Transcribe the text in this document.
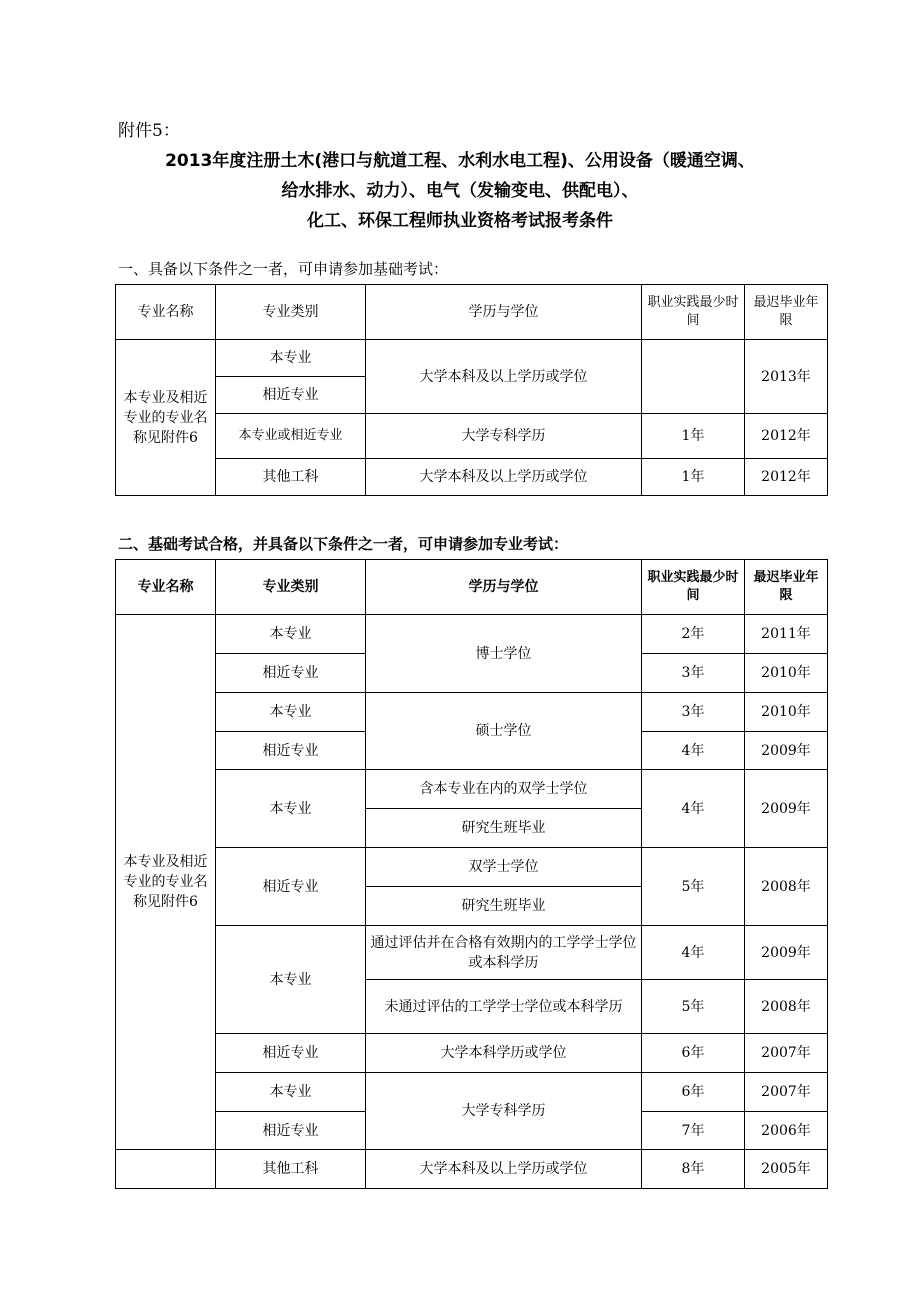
附件5：
2013年度注册土木(港口与航道工程、水利水电工程)、公用设备（暖通空调、
给水排水、动力）、电气（发输变电、供配电）、
化工、环保工程师执业资格考试报考条件
一、具备以下条件之一者，可申请参加基础考试：
专业名称	专业类别	学历与学位	职业实践最少时间	最迟毕业年限
本专业及相近专业的专业名称见附件6	本专业	大学本科及以上学历或学位		2013年
	相近专业			
	本专业或相近专业	大学专科学历	1年	2012年
	其他工科	大学本科及以上学历或学位	1年	2012年
二、基础考试合格，并具备以下条件之一者，可申请参加专业考试：
专业名称	专业类别	学历与学位	职业实践最少时间	最迟毕业年限
本专业及相近专业的专业名称见附件6	本专业	博士学位	2年	2011年
	相近专业		3年	2010年
	本专业	硕士学位	3年	2010年
	相近专业		4年	2009年
	本专业	含本专业在内的双学士学位	4年	2009年
		研究生班毕业		
	相近专业	双学士学位	5年	2008年
		研究生班毕业		
	本专业	通过评估并在合格有效期内的工学学士学位或本科学历	4年	2009年
		未通过评估的工学学士学位或本科学历	5年	2008年
	相近专业	大学本科学历或学位	6年	2007年
	本专业	大学专科学历	6年	2007年
	相近专业		7年	2006年
	其他工科	大学本科及以上学历或学位	8年	2005年
